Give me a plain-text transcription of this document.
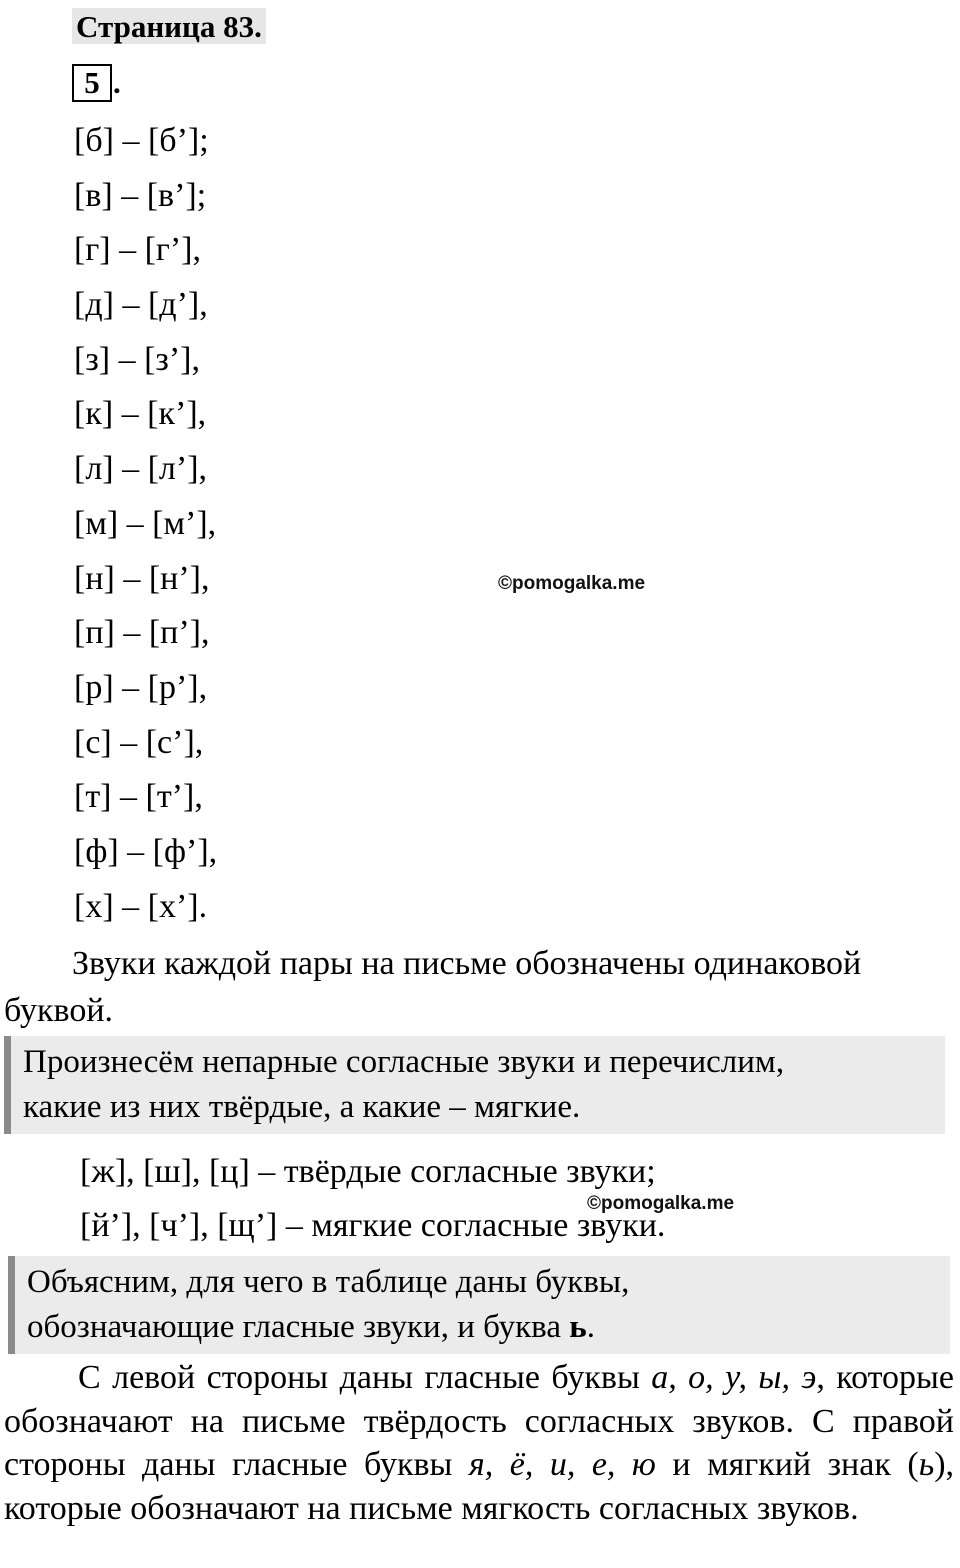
Страница 83.
5 .
[б] – [б’];
[в] – [в’];
[г] – [г’],
[д] – [д’],
[з] – [з’],
[к] – [к’],
[л] – [л’],
[м] – [м’],
[н] – [н’],
[п] – [п’],
[р] – [р’],
[с] – [с’],
[т] – [т’],
[ф] – [ф’],
[х] – [х’].
©pomogalka.me

Звуки каждой пары на письме обозначены одинаковой буквой.

Произнесём непарные согласные звуки и перечислим,
какие из них твёрдые, а какие – мягкие.
[ж], [ш], [ц] – твёрдые согласные звуки;
©pomogalka.me
[й’], [ч’], [щ’] – мягкие согласные звуки.
Объясним, для чего в таблице даны буквы,
обозначающие гласные звуки, и буква ь.

С левой стороны даны гласные буквы а, о, у, ы, э, которые обозначают на письме твёрдость согласных звуков. С правой стороны даны гласные буквы я, ё, и, е, ю и мягкий знак (ь), которые обозначают на письме мягкость согласных звуков.
